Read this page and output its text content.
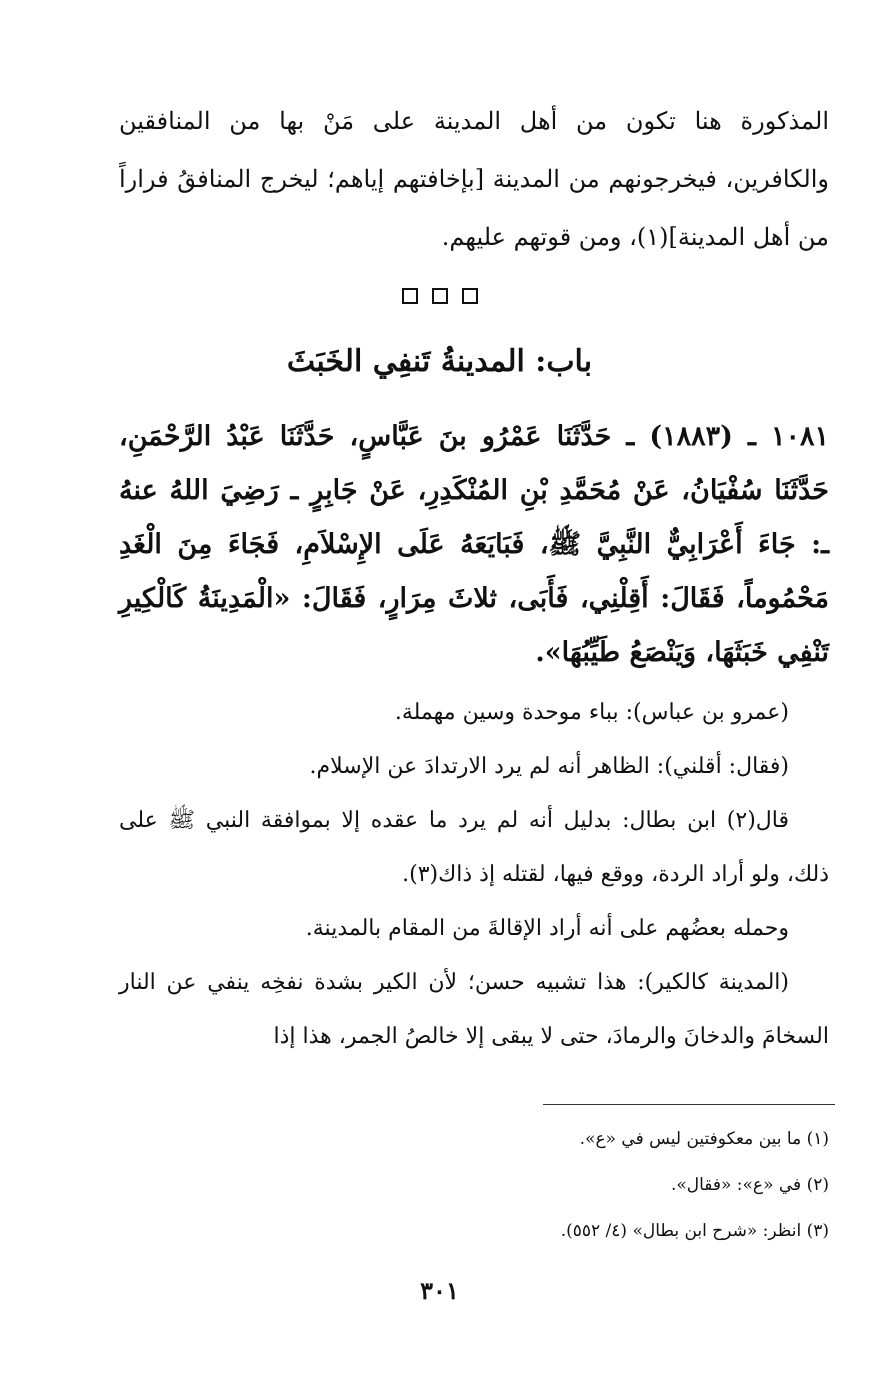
المذكورة هنا تكون من أهل المدينة على مَنْ بها من المنافقين والكافرين، فيخرجونهم من المدينة [بإخافتهم إياهم؛ ليخرج المنافقُ فراراً من أهل المدينة](١)، ومن قوتهم عليهم.

باب: المدينةُ تَنفِي الخَبَثَ

١٠٨١ ـ (١٨٨٣) ـ حَدَّثَنَا عَمْرُو بنَ عَبَّاسٍ، حَدَّثَنَا عَبْدُ الرَّحْمَنِ، حَدَّثَنَا سُفْيَانُ، عَنْ مُحَمَّدِ بْنِ المُنْكَدِرِ، عَنْ جَابِرٍ ـ رَضِيَ اللهُ عنهُ ـ: جَاءَ أَعْرَابِيٌّ النَّبِيَّ ﷺ، فَبَايَعَهُ عَلَى الإِسْلاَمِ، فَجَاءَ مِنَ الْغَدِ مَحْمُوماً، فَقَالَ: أَقِلْنِي، فَأَبَى، ثلاثَ مِرَارٍ، فَقَالَ: «الْمَدِينَةُ كَالْكِيرِ تَنْفِي خَبَثَهَا، وَيَنْصَعُ طَيِّبُهَا».

(عمرو بن عباس): بباء موحدة وسين مهملة.

(فقال: أقلني): الظاهر أنه لم يرد الارتدادَ عن الإسلام.

قال(٢) ابن بطال: بدليل أنه لم يرد ما عقده إلا بموافقة النبي ﷺ على ذلك، ولو أراد الردة، ووقع فيها، لقتله إذ ذاك(٣).

وحمله بعضُهم على أنه أراد الإقالةَ من المقام بالمدينة.

(المدينة كالكير): هذا تشبيه حسن؛ لأن الكير بشدة نفخِه ينفي عن النار السخامَ والدخانَ والرمادَ، حتى لا يبقى إلا خالصُ الجمر، هذا إذا

(١) ما بين معكوفتين ليس في «ع».

(٢) في «ع»: «فقال».

(٣) انظر: «شرح ابن بطال» (٤/ ٥٥٢).

٣٠١
